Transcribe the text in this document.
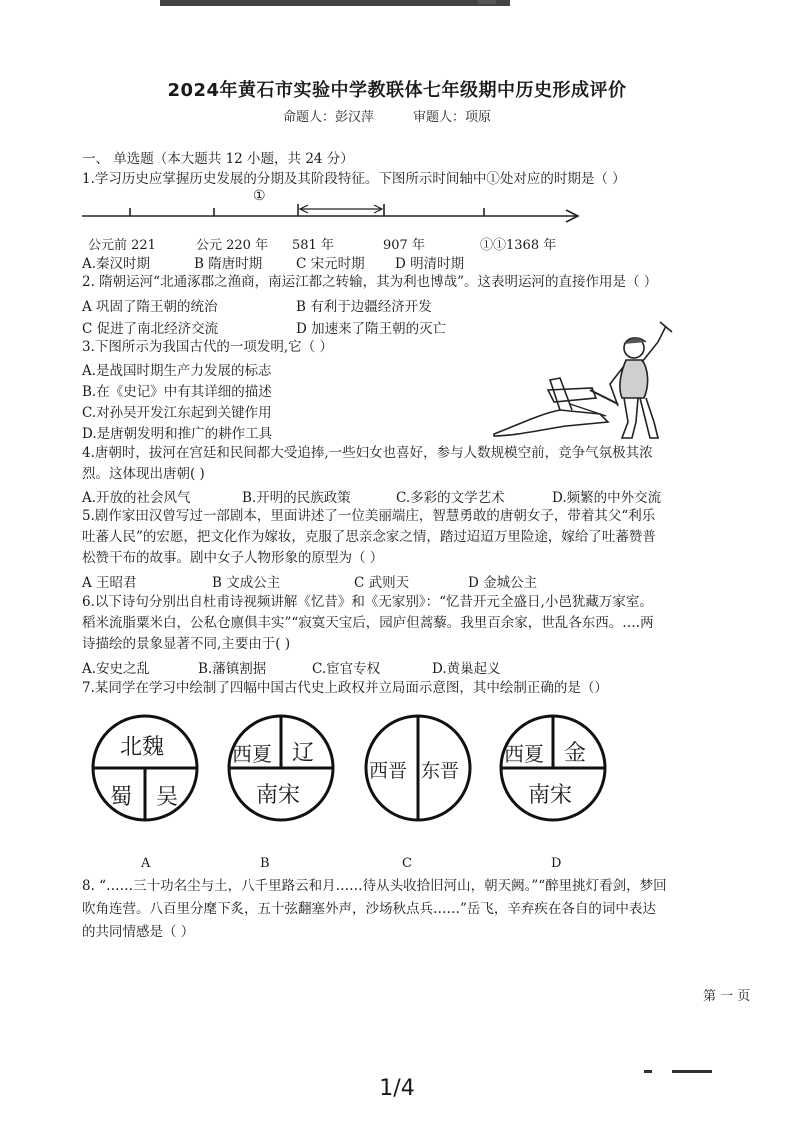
2024年黄石市实验中学教联体七年级期中历史形成评价
命题人：彭汉萍	审题人：项原
一、 单选题（本大题共 12 小题，共 24 分）
1.学习历史应掌握历史发展的分期及其阶段特征。下图所示时间轴中①处对应的时期是（ ）
①
公元前 221	公元 220 年 581 年	907 年	①①1368 年
A.秦汉时期	B 隋唐时期	C 宋元时期 D 明清时期
2. 隋朝运河“北通涿郡之渔商，南运江都之转输，其为利也博哉”。这表明运河的直接作用是（ ）
A 巩固了隋王朝的统治	B 有利于边疆经济开发
C 促进了南北经济交流	D 加速来了隋王朝的灭亡
3.下图所示为我国古代的一项发明,它（ ）
A.是战国时期生产力发展的标志
B.在《史记》中有其详细的描述
C.对孙吴开发江东起到关键作用
D.是唐朝发明和推广的耕作工具
4.唐朝时，拔河在宫廷和民间都大受追捧,一些妇女也喜好，参与人数规模空前，竞争气氛极其浓
烈。这体现出唐朝( )
A.开放的社会风气	B.开明的民族政策	C.多彩的文学艺术	D.频繁的中外交流
5.剧作家田汉曾写过一部剧本，里面讲述了一位美丽端庄，智慧勇敢的唐朝女子，带着其父“利乐
吐蕃人民”的宏愿，把文化作为嫁妆，克服了思亲念家之情，踏过迢迢万里险途，嫁给了吐蕃赞普
松赞干布的故事。剧中女子人物形象的原型为（ ）
A 王昭君	B 文成公主	C 武则天	D 金城公主
6.以下诗句分别出自杜甫诗视频讲解《忆昔》和《无家别》：“忆昔开元全盛日,小邑犹藏万家室。
稻米流脂粟米白，公私仓廪俱丰实”“寂寞天宝后，园庐但蒿藜。我里百余家，世乱各东西。….两
诗描绘的景象显著不同,主要由于( )
A.安史之乱	B.藩镇割据	C.宦官专权	D.黄巢起义
7.某同学在学习中绘制了四幅中国古代史上政权并立局面示意图，其中绘制正确的是（）
北魏
蜀 吴
西夏 辽
南宋
西晋 东晋
西夏 金
南宋
A	B	C	D
8. “……三十功名尘与土，八千里路云和月……待从头收拾旧河山，朝天阙。”“醉里挑灯看剑，梦回
吹角连营。八百里分麾下炙，五十弦翻塞外声，沙场秋点兵……”岳飞，辛弃疾在各自的词中表达
的共同情感是（ ）
第 一 页
1/4
